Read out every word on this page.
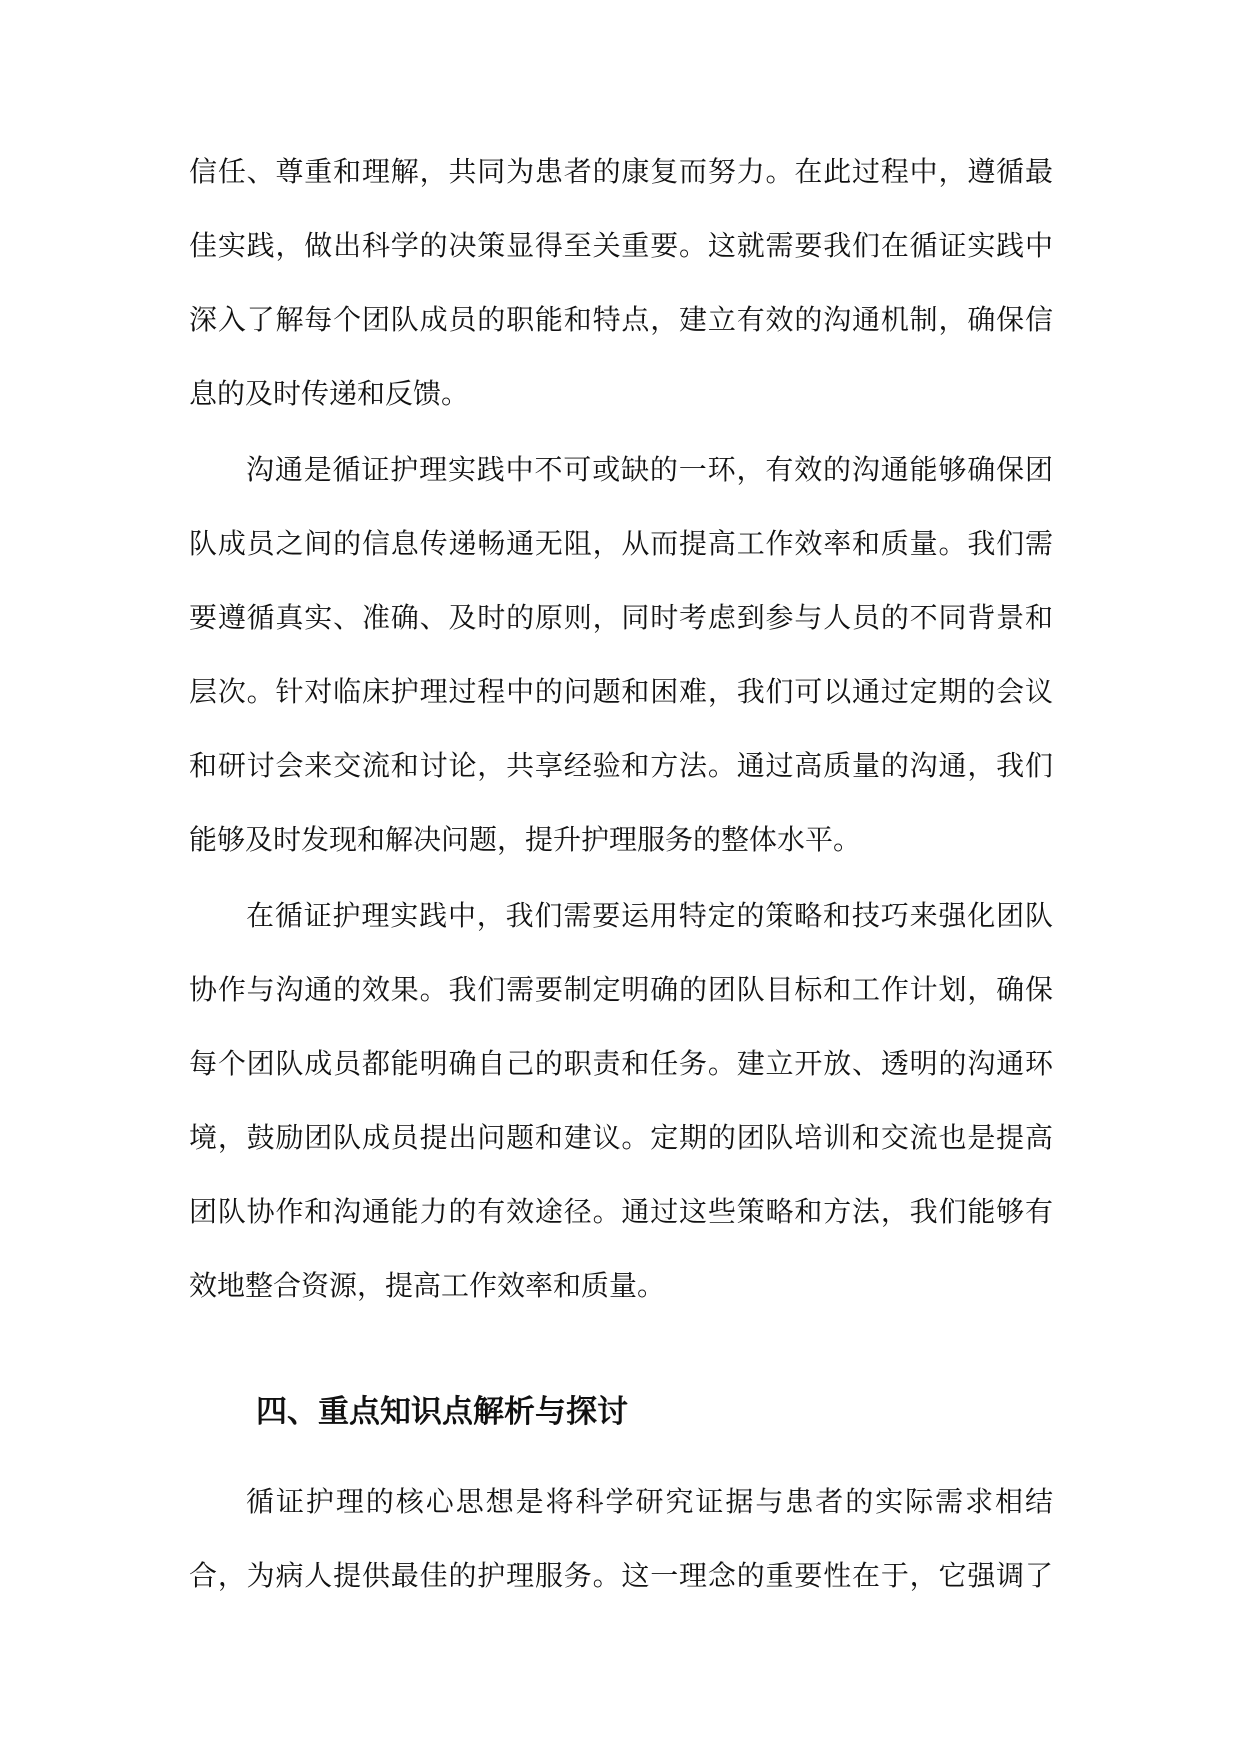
信任、尊重和理解，共同为患者的康复而努力。在此过程中，遵循最
佳实践，做出科学的决策显得至关重要。这就需要我们在循证实践中
深入了解每个团队成员的职能和特点，建立有效的沟通机制，确保信
息的及时传递和反馈。
沟通是循证护理实践中不可或缺的一环，有效的沟通能够确保团
队成员之间的信息传递畅通无阻，从而提高工作效率和质量。我们需
要遵循真实、准确、及时的原则，同时考虑到参与人员的不同背景和
层次。针对临床护理过程中的问题和困难，我们可以通过定期的会议
和研讨会来交流和讨论，共享经验和方法。通过高质量的沟通，我们
能够及时发现和解决问题，提升护理服务的整体水平。
在循证护理实践中，我们需要运用特定的策略和技巧来强化团队
协作与沟通的效果。我们需要制定明确的团队目标和工作计划，确保
每个团队成员都能明确自己的职责和任务。建立开放、透明的沟通环
境，鼓励团队成员提出问题和建议。定期的团队培训和交流也是提高
团队协作和沟通能力的有效途径。通过这些策略和方法，我们能够有
效地整合资源，提高工作效率和质量。
四、重点知识点解析与探讨
循证护理的核心思想是将科学研究证据与患者的实际需求相结
合，为病人提供最佳的护理服务。这一理念的重要性在于，它强调了
